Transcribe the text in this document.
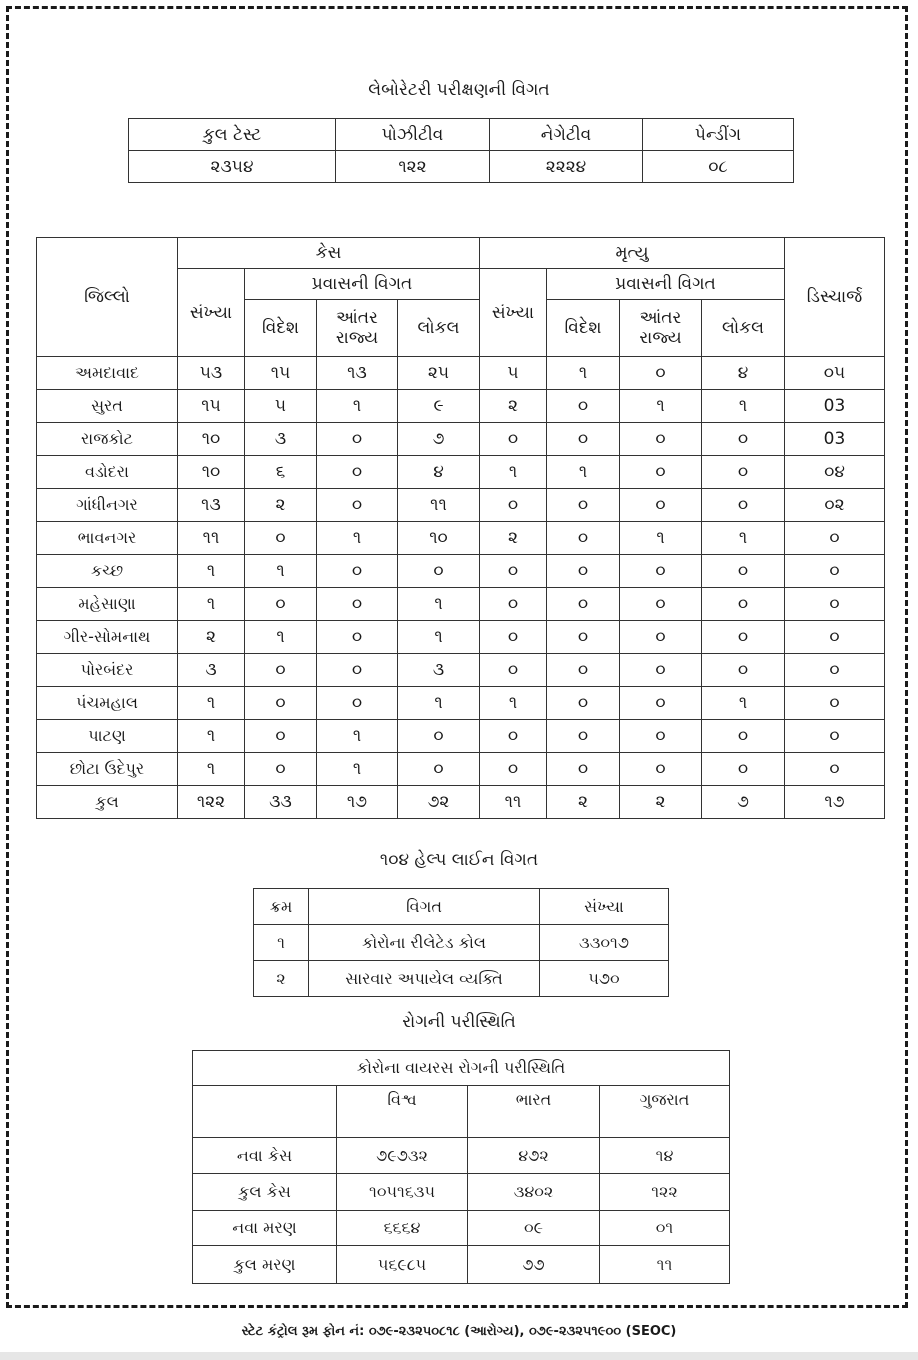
લેબોરેટરી પરીક્ષણની વિગત
કુલ ટેસ્ટ	પોઝીટીવ	નેગેટીવ	પેન્ડીંગ
૨૩૫૪	૧૨૨	૨૨૨૪	૦૮
જિલ્લો	કેસ				મૃત્યુ				ડિસ્ચાર્જ
	સંખ્યા	પ્રવાસની વિગત			સંખ્યા	પ્રવાસની વિગત			
		વિદેશ	આંતર રાજ્ય	લોકલ		વિદેશ	આંતર રાજ્ય	લોકલ	
અમદાવાદ	૫૩	૧૫	૧૩	૨૫	૫	૧	૦	૪	૦૫
સુરત	૧૫	૫	૧	૯	૨	૦	૧	૧	03
રાજકોટ	૧૦	૩	૦	૭	૦	૦	૦	૦	03
વડોદરા	૧૦	૬	૦	૪	૧	૧	૦	૦	૦૪
ગાંધીનગર	૧૩	૨	૦	૧૧	૦	૦	૦	૦	૦૨
ભાવનગર	૧૧	૦	૧	૧૦	૨	૦	૧	૧	૦
કચ્છ	૧	૧	૦	૦	૦	૦	૦	૦	૦
મહેસાણા	૧	૦	૦	૧	૦	૦	૦	૦	૦
ગીર-સોમનાથ	૨	૧	૦	૧	૦	૦	૦	૦	૦
પોરબંદર	૩	૦	૦	૩	૦	૦	૦	૦	૦
પંચમહાલ	૧	૦	૦	૧	૧	૦	૦	૧	૦
પાટણ	૧	૦	૧	૦	૦	૦	૦	૦	૦
છોટા ઉદેપુર	૧	૦	૧	૦	૦	૦	૦	૦	૦
કુલ	૧૨૨	૩૩	૧૭	૭૨	૧૧	૨	૨	૭	૧૭
૧૦૪ હેલ્પ લાઈન વિગત
ક્રમ	વિગત	સંખ્યા
૧	કોરોના રીલેટેડ કોલ	૩૩૦૧૭
૨	સારવાર અપાયેલ વ્યક્તિ	૫૭૦
રોગની પરીસ્થિતિ
કોરોના વાયરસ રોગની પરીસ્થિતિ			
	વિશ્વ	ભારત	ગુજરાત
નવા કેસ	૭૯૭૩૨	૪૭૨	૧૪
કુલ કેસ	૧૦૫૧૬૩૫	૩૪૦૨	૧૨૨
નવા મરણ	૬૬૬૪	૦૯	૦૧
કુલ મરણ	૫૬૯૮૫	૭૭	૧૧
સ્ટેટ કંટ્રોલ રૂમ ફોન નં: ૦૭૯-૨૩૨૫૦૮૧૮ (આરોગ્ય), ૦૭૯-૨૩૨૫૧૯૦૦ (SEOC)
